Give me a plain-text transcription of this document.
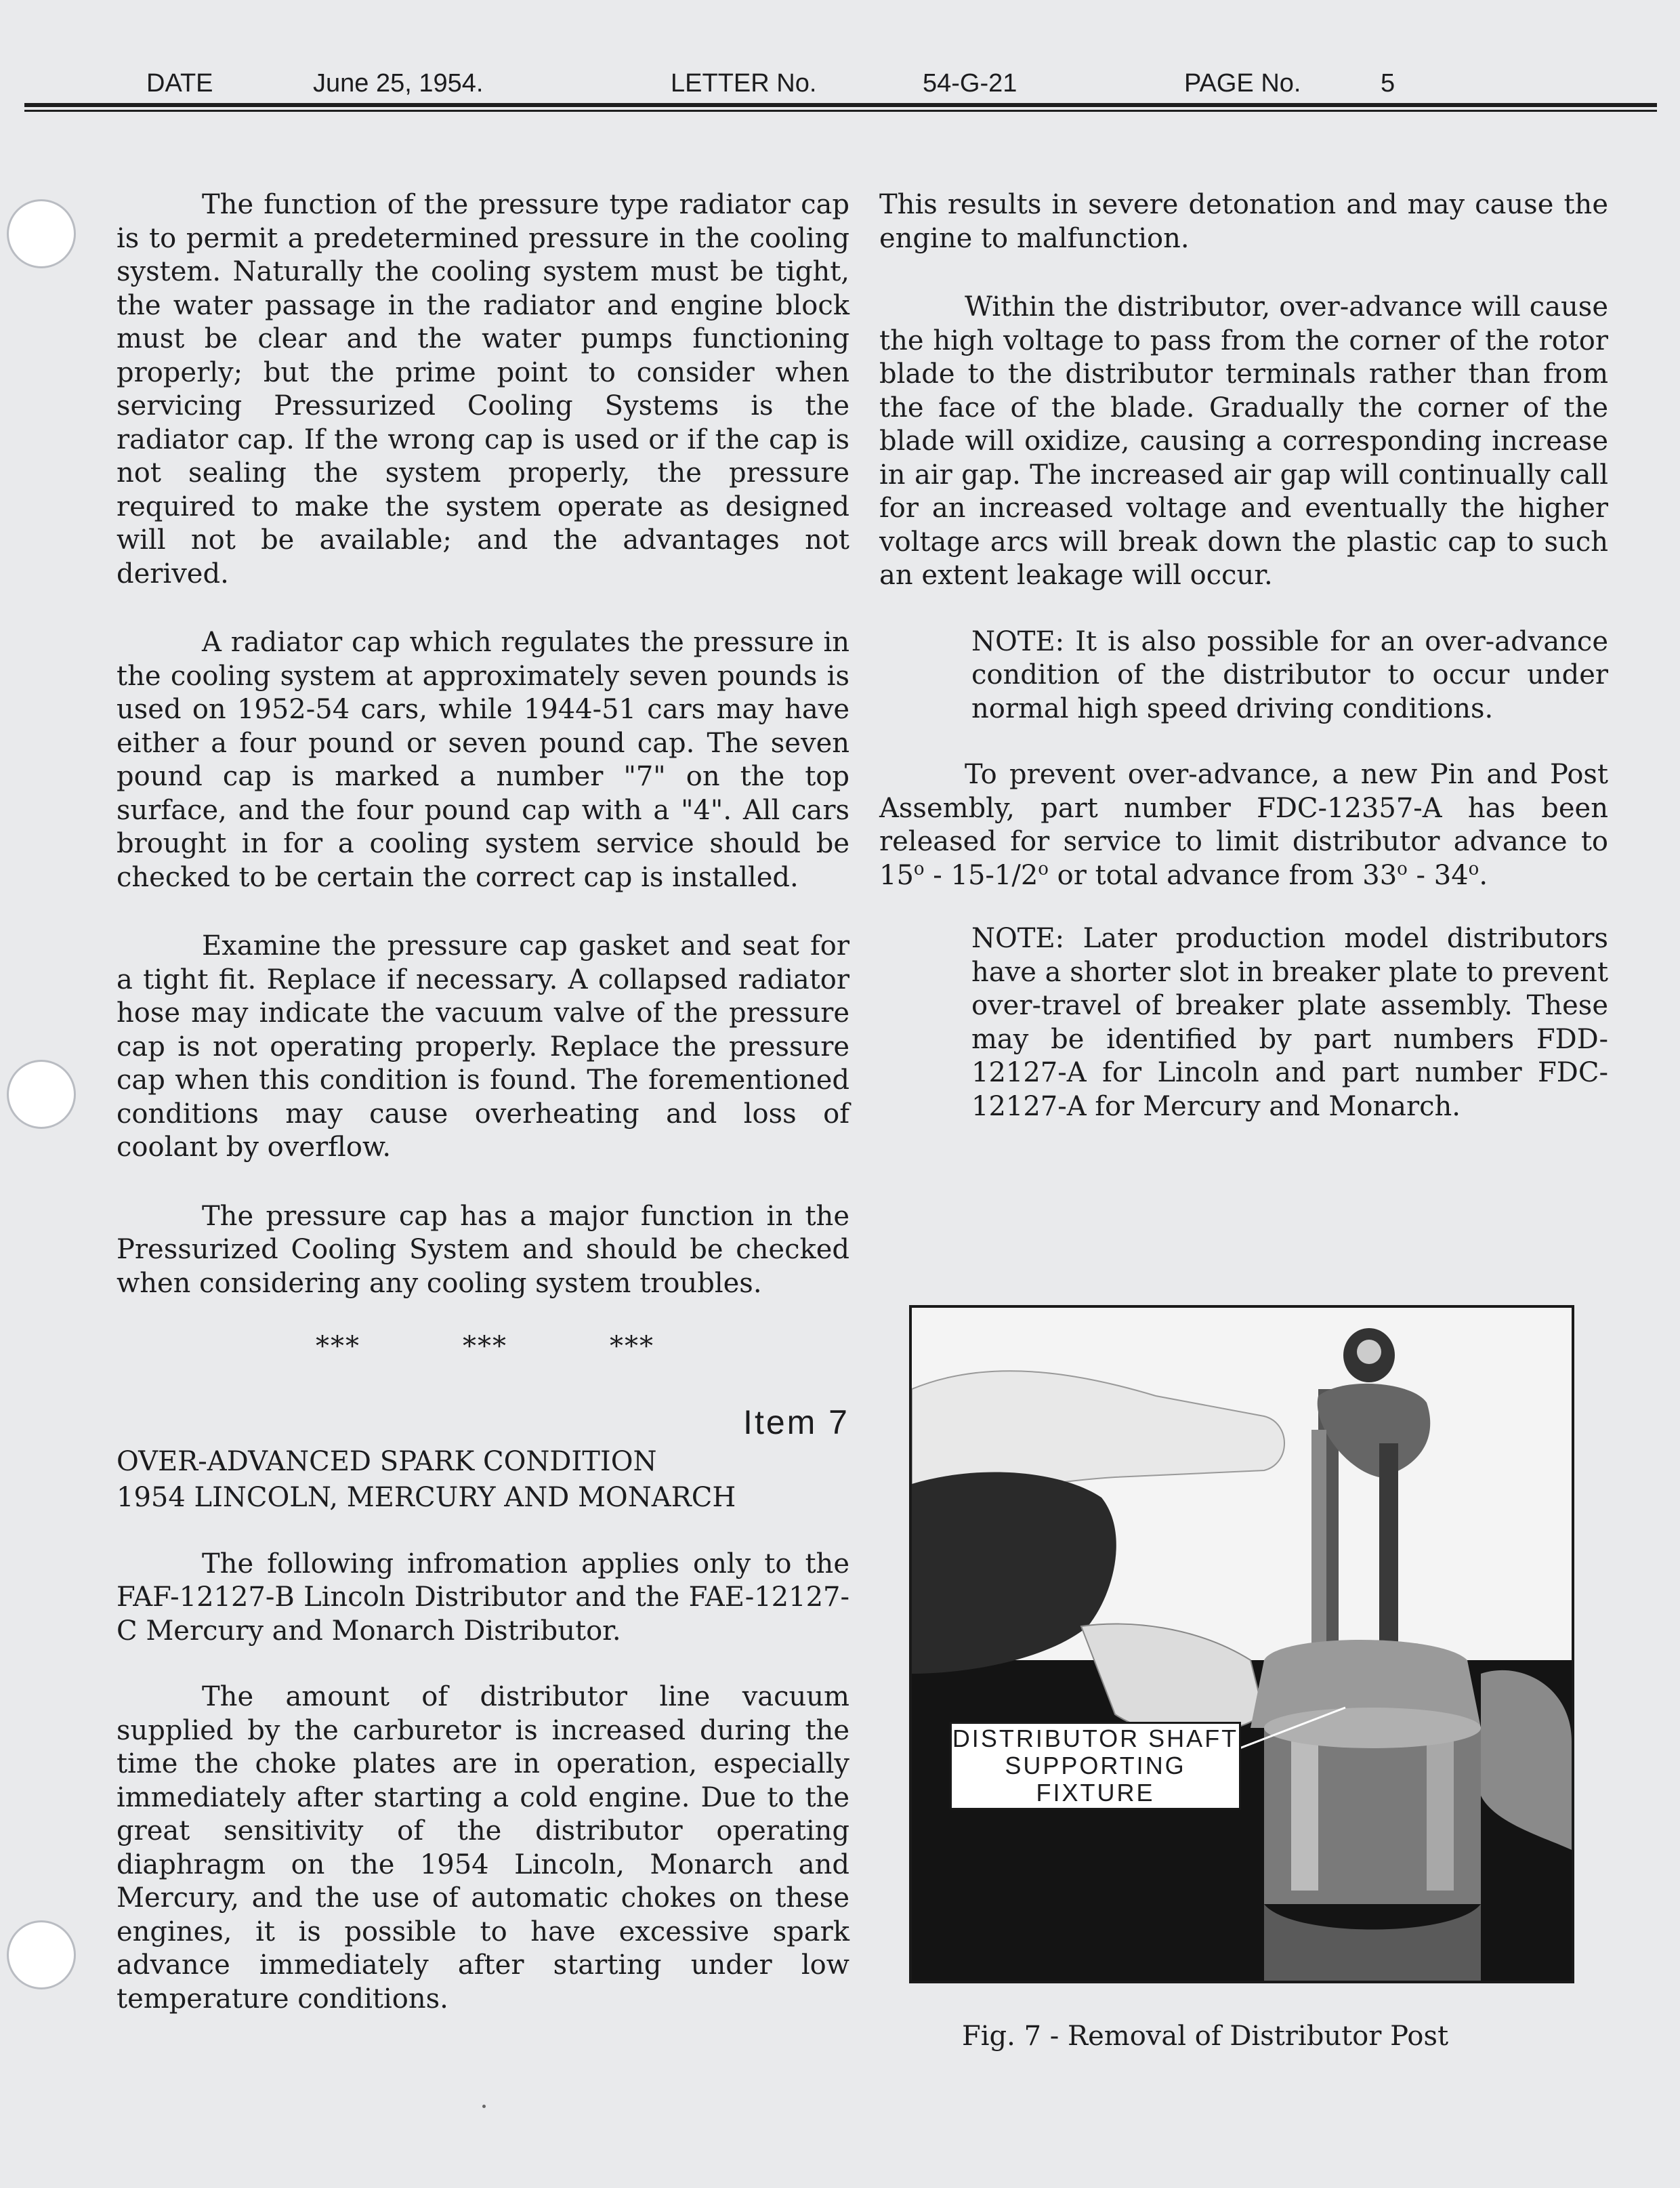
DATE	June 25, 1954.	LETTER No.	54-G-21	PAGE No.	5

The function of the pressure type radiator cap is to permit a predetermined pressure in the cooling system. Naturally the cooling system must be tight, the water passage in the radiator and engine block must be clear and the water pumps functioning properly; but the prime point to consider when servicing Pressurized Cooling Systems is the radiator cap. If the wrong cap is used or if the cap is not sealing the system properly, the pressure required to make the system operate as designed will not be available; and the advantages not derived.

A radiator cap which regulates the pressure in the cooling system at approximately seven pounds is used on 1952-54 cars, while 1944-51 cars may have either a four pound or seven pound cap. The seven pound cap is marked a number "7" on the top surface, and the four pound cap with a "4". All cars brought in for a cooling system service should be checked to be certain the correct cap is installed.

Examine the pressure cap gasket and seat for a tight fit. Replace if necessary. A collapsed radiator hose may indicate the vacuum valve of the pressure cap is not operating properly. Replace the pressure cap when this condition is found. The forementioned conditions may cause overheating and loss of coolant by overflow.

The pressure cap has a major function in the Pressurized Cooling System and should be checked when considering any cooling system troubles.

***	***	***
Item 7
OVER-ADVANCED SPARK CONDITION
1954 LINCOLN, MERCURY AND MONARCH

The following infromation applies only to the FAF-12127-B Lincoln Distributor and the FAE-12127-C Mercury and Monarch Distributor.

The amount of distributor line vacuum supplied by the carburetor is increased during the time the choke plates are in operation, especially immediately after starting a cold engine. Due to the great sensitivity of the distributor operating diaphragm on the 1954 Lincoln, Monarch and Mercury, and the use of automatic chokes on these engines, it is possible to have excessive spark advance immediately after starting under low temperature conditions.

This results in severe detonation and may cause the engine to malfunction.

Within the distributor, over-advance will cause the high voltage to pass from the corner of the rotor blade to the distributor terminals rather than from the face of the blade. Gradually the corner of the blade will oxidize, causing a corresponding increase in air gap. The increased air gap will continually call for an increased voltage and eventually the higher voltage arcs will break down the plastic cap to such an extent leakage will occur.

NOTE: It is also possible for an over-advance condition of the distributor to occur under normal high speed driving conditions.

To prevent over-advance, a new Pin and Post Assembly, part number FDC-12357-A has been released for service to limit distributor advance to 15$^o$ - 15-1/2$^o$ or total advance from 33$^o$ - 34$^o$.

NOTE: Later production model distributors have a shorter slot in breaker plate to prevent over-travel of breaker plate assembly. These may be identified by part numbers FDD-12127-A for Lincoln and part number FDC-12127-A for Mercury and Monarch.

DISTRIBUTOR SHAFT
SUPPORTING FIXTURE
Fig. 7 - Removal of Distributor Post
